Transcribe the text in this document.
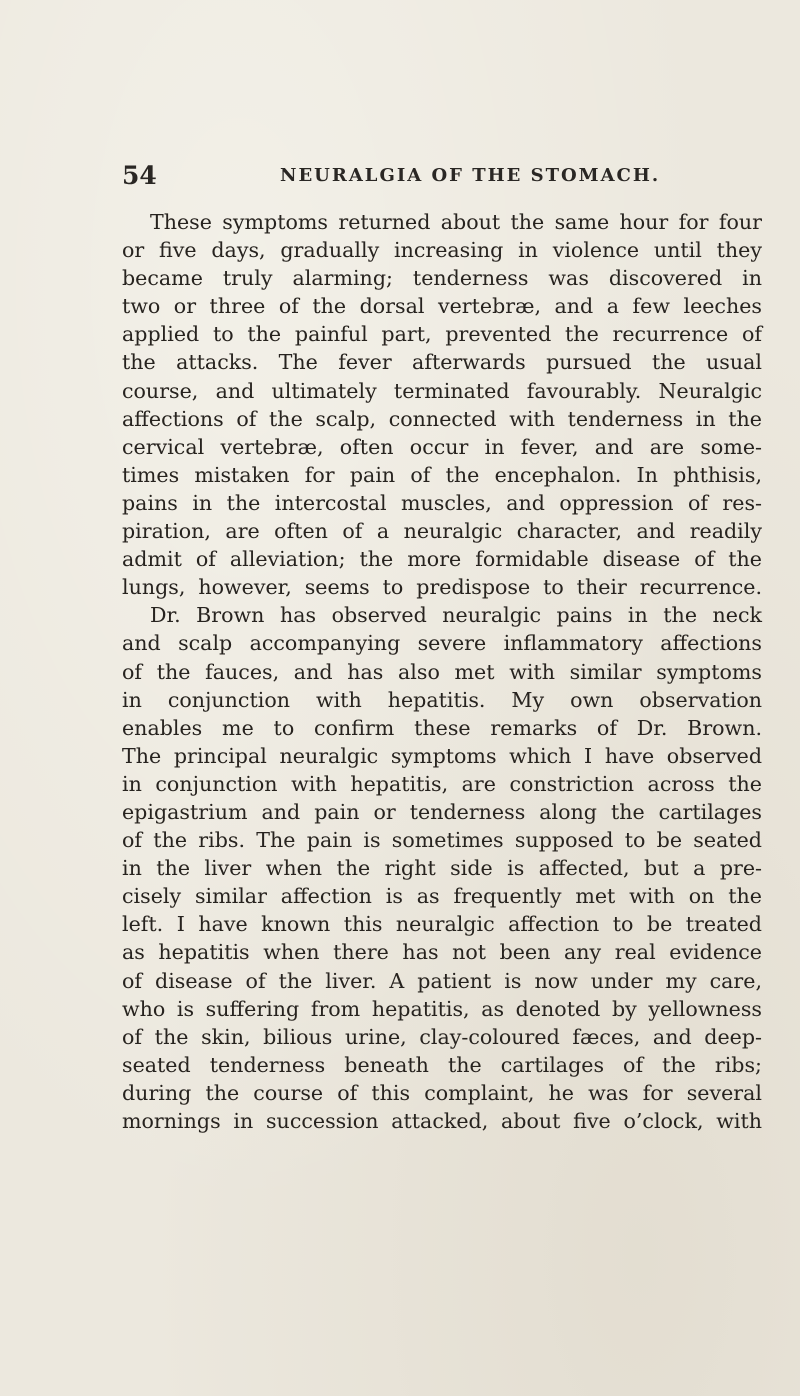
54	NEURALGIA OF THE STOMACH.
These symptoms returned about the same hour for four
or five days, gradually increasing in violence until they
became truly alarming; tenderness was discovered in
two or three of the dorsal vertebræ, and a few leeches
applied to the painful part, prevented the recurrence of
the attacks. The fever afterwards pursued the usual
course, and ultimately terminated favourably. Neuralgic
affections of the scalp, connected with tenderness in the
cervical vertebræ, often occur in fever, and are some-
times mistaken for pain of the encephalon. In phthisis,
pains in the intercostal muscles, and oppression of res-
piration, are often of a neuralgic character, and readily
admit of alleviation; the more formidable disease of the
lungs, however, seems to predispose to their recurrence.
Dr. Brown has observed neuralgic pains in the neck
and scalp accompanying severe inflammatory affections
of the fauces, and has also met with similar symptoms
in conjunction with hepatitis. My own observation
enables me to confirm these remarks of Dr. Brown.
The principal neuralgic symptoms which I have observed
in conjunction with hepatitis, are constriction across the
epigastrium and pain or tenderness along the cartilages
of the ribs. The pain is sometimes supposed to be seated
in the liver when the right side is affected, but a pre-
cisely similar affection is as frequently met with on the
left. I have known this neuralgic affection to be treated
as hepatitis when there has not been any real evidence
of disease of the liver. A patient is now under my care,
who is suffering from hepatitis, as denoted by yellowness
of the skin, bilious urine, clay-coloured fæces, and deep-
seated tenderness beneath the cartilages of the ribs;
during the course of this complaint, he was for several
mornings in succession attacked, about five o’clock, with
